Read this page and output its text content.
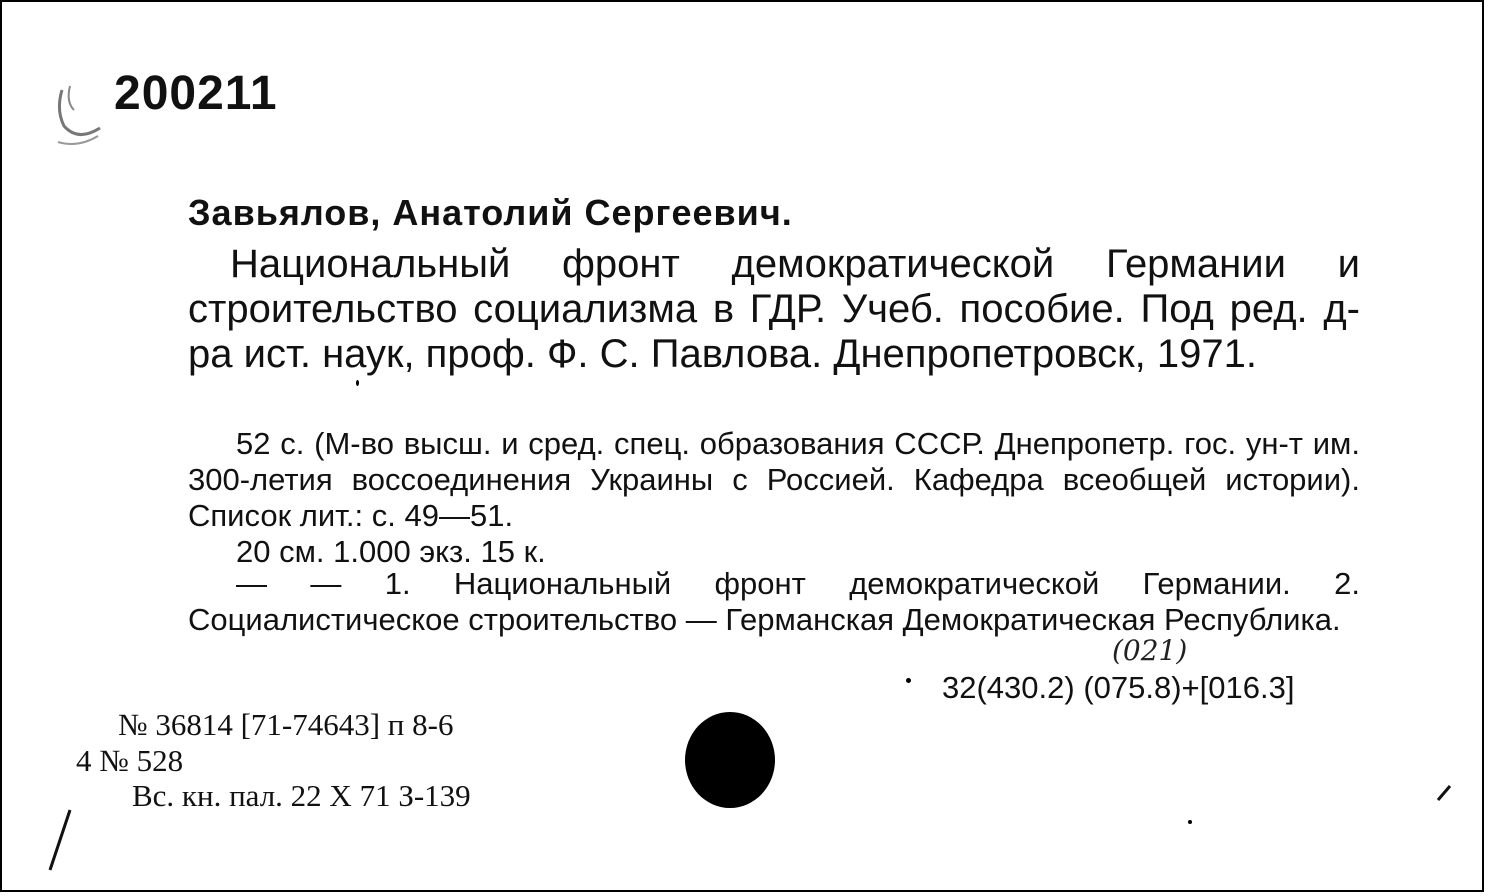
200211

Завьялов, Анатолий Сергеевич.

Национальный фронт демократической Германии и строительство социализма в ГДР. Учеб. пособие. Под ред. д-ра ист. наук, проф. Ф. С. Павлова. Днепропетровск, 1971.

52 с. (М-во высш. и сред. спец. образования СССР. Днепропетр. гос. ун-т им. 300-летия воссоединения Украины с Россией. Кафедра всеобщей истории). Список лит.: с. 49—51.

20 см. 1.000 экз. 15 к.

— — 1. Национальный фронт демократической Германии. 2. Социалистическое строительство — Германская Демократическая Республика.

(021)
32(430.2) (075.8)+[016.3]

№ 36814 [71-74643] п 8-6

4 № 528

Вс. кн. пал. 22 X 71 З-139
